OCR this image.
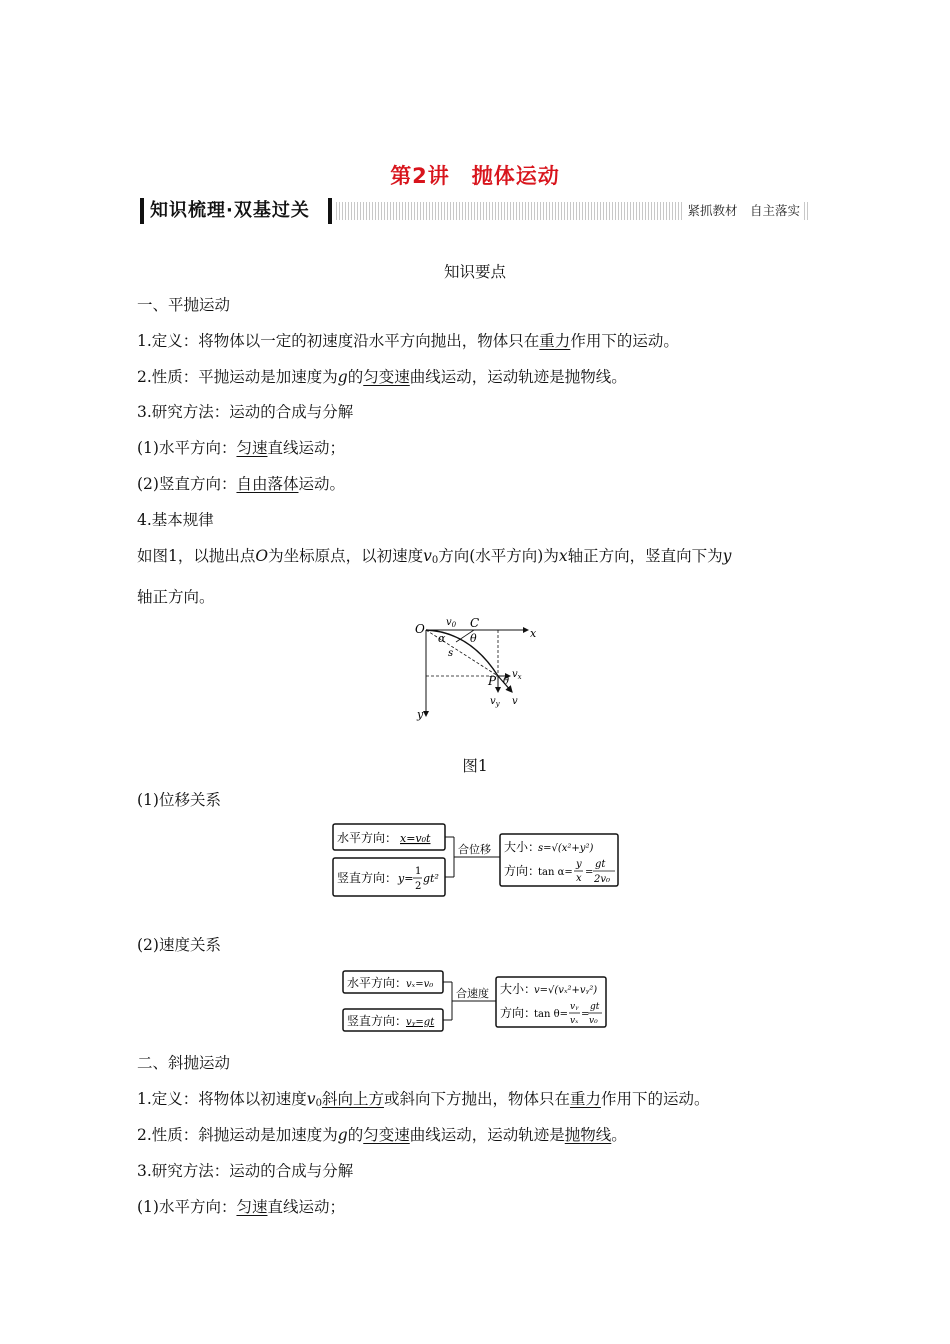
第2讲　抛体运动
知识梳理·双基过关	紧抓教材　自主落实
知识要点
一、平抛运动
1.定义：将物体以一定的初速度沿水平方向抛出，物体只在重力作用下的运动。
2.性质：平抛运动是加速度为g的匀变速曲线运动，运动轨迹是抛物线。
3.研究方法：运动的合成与分解
(1)水平方向：匀速直线运动；
(2)竖直方向：自由落体运动。
4.基本规律
如图1，以抛出点O为坐标原点，以初速度$v_0$方向(水平方向)为x轴正方向，竖直向下为y
轴正方向。
O	x
y
C
P
s
α θ
θ
$v_0$
$v_x$
$v_y$ v
图1
(1)位移关系
水平方向： x=v₀t
竖直方向： y=
1
2
gt²
合位移 大小：
s=√(x²+y²)
方向：
tan α=
y
x
=
gt
2v₀
(2)速度关系
水平方向：
vₓ=v₀
竖直方向：
vᵧ=gt
合速度 大小：
v=√(vₓ²+vᵧ²)
方向：
tan θ=
vᵧ
vₓ
=
gt
v₀
二、斜抛运动
1.定义：将物体以初速度$v_0$斜向上方或斜向下方抛出，物体只在重力作用下的运动。
2.性质：斜抛运动是加速度为g的匀变速曲线运动，运动轨迹是抛物线。
3.研究方法：运动的合成与分解
(1)水平方向：匀速直线运动；
